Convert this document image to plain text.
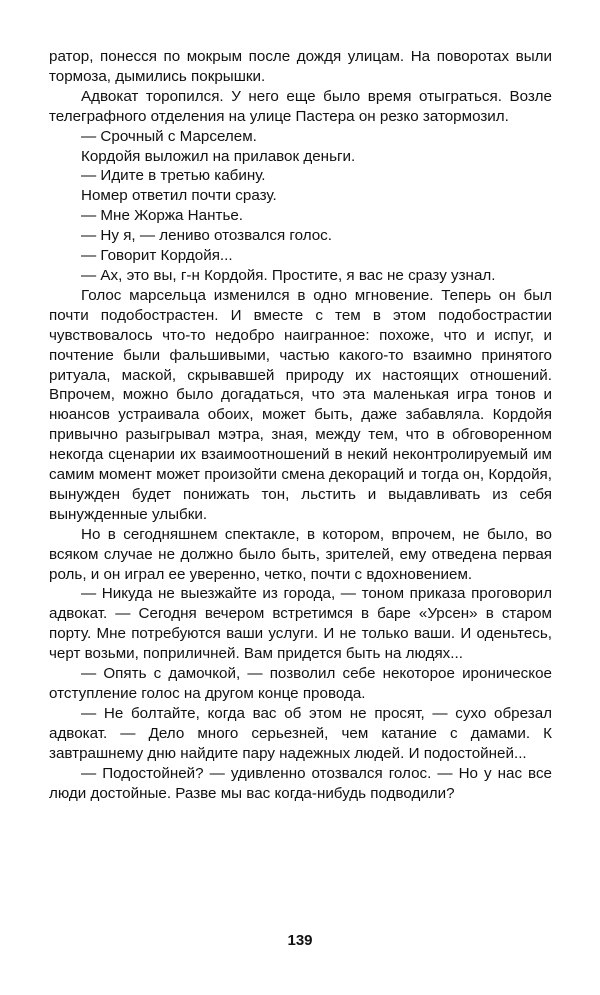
ратор, понесся по мокрым после дождя улицам. На поворотах выли тормоза, дымились покрышки.

Адвокат торопился. У него еще было время отыграться. Возле телеграфного отделения на улице Пастера он резко затормозил.

— Срочный с Марселем.

Кордойя выложил на прилавок деньги.

— Идите в третью кабину.

Номер ответил почти сразу.

— Мне Жоржа Нантье.

— Ну я, — лениво отозвался голос.

— Говорит Кордойя...

— Ах, это вы, г-н Кордойя. Простите, я вас не сразу узнал.

Голос марсельца изменился в одно мгновение. Теперь он был почти подобострастен. И вместе с тем в этом подобострастии чувствовалось что-то недобро наигранное: похоже, что и испуг, и почтение были фальшивыми, частью какого-то взаимно принятого ритуала, маской, скрывавшей природу их настоящих отношений. Впрочем, можно было догадаться, что эта маленькая игра тонов и нюансов устраивала обоих, может быть, даже забавляла. Кордойя привычно разыгрывал мэтра, зная, между тем, что в обговоренном некогда сценарии их взаимоотношений в некий неконтролируемый им самим момент может произойти смена декораций и тогда он, Кордойя, вынужден будет понижать тон, льстить и выдавливать из себя вынужденные улыбки.

Но в сегодняшнем спектакле, в котором, впрочем, не было, во всяком случае не должно было быть, зрителей, ему отведена первая роль, и он играл ее уверенно, четко, почти с вдохновением.

— Никуда не выезжайте из города, — тоном приказа проговорил адвокат. — Сегодня вечером встретимся в баре «Урсен» в старом порту. Мне потребуются ваши услуги. И не только ваши. И оденьтесь, черт возьми, поприличней. Вам придется быть на людях...

— Опять с дамочкой, — позволил себе некоторое ироническое отступление голос на другом конце провода.

— Не болтайте, когда вас об этом не просят, — сухо обрезал адвокат. — Дело много серьезней, чем катание с дамами. К завтрашнему дню найдите пару надежных людей. И подостойней...

— Подостойней? — удивленно отозвался голос. — Но у нас все люди достойные. Разве мы вас когда-нибудь подводили?

139
